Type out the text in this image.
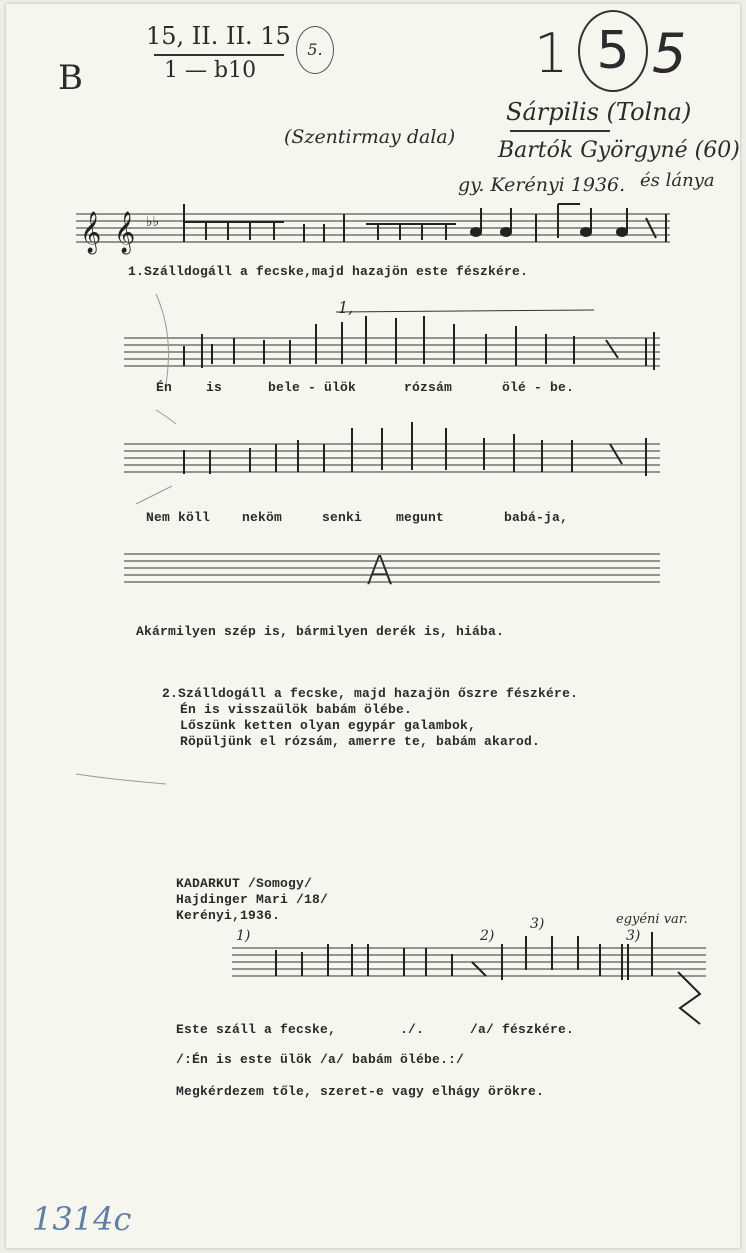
15, II. II. 15
1 — b10
5.
B	1 5 5
(Szentirmay dala)
Sárpilis (Tolna)
Bartók Györgyné (60)
és lánya
gy. Kerényi 1936.
𝄞 𝄞 ♭♭
1.Szálldogáll a fecske,majd hazajön este fészkére.
1,
Én	is	bele - ülök	rózsám	ölé - be.
Nem köll neköm	senki	megunt	babá-ja,
A
Akármilyen szép is, bármilyen derék is, hiába.
2.Szálldogáll a fecske, majd hazajön őszre fészkére.
Én is visszaülök babám ölébe.
Lőszünk ketten olyan egypár galambok,
Röpüljünk el rózsám, amerre te, babám akarod.
KADARKUT /Somogy/
Hajdinger Mari /18/
Kerényi,1936.
1)	2)
3)
3)
egyéni var.
Este száll a fecske,	./.	/a/ fészkére.
/:Én is este ülök /a/ babám ölébe.:/
Megkérdezem tőle, szeret-e vagy elhágy örökre.
1314c
